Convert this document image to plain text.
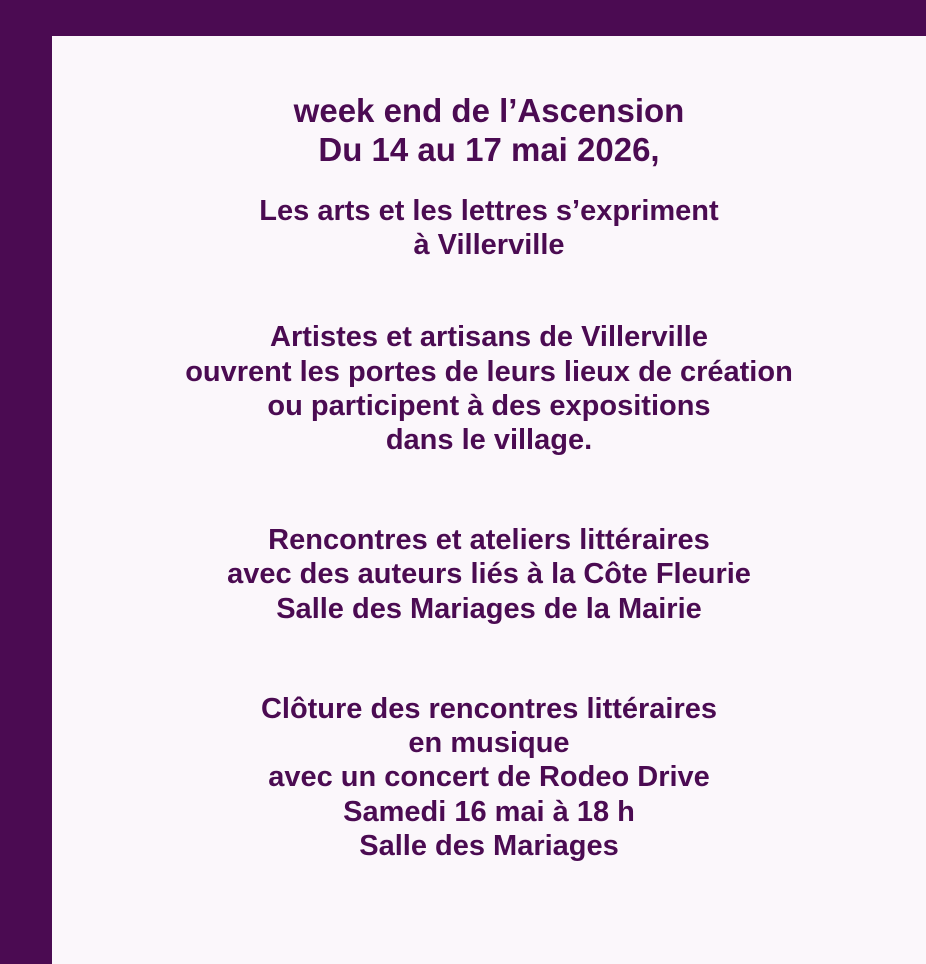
week end de l’Ascension
Du 14 au 17 mai 2026,
Les arts et les lettres s’expriment
à Villerville
Artistes et artisans de Villerville
ouvrent les portes de leurs lieux de création
ou participent à des expositions
dans le village.
Rencontres et ateliers littéraires
avec des auteurs liés à la Côte Fleurie
Salle des Mariages de la Mairie
Clôture des rencontres littéraires
en musique
avec un concert de Rodeo Drive
Samedi 16 mai à 18 h
Salle des Mariages
